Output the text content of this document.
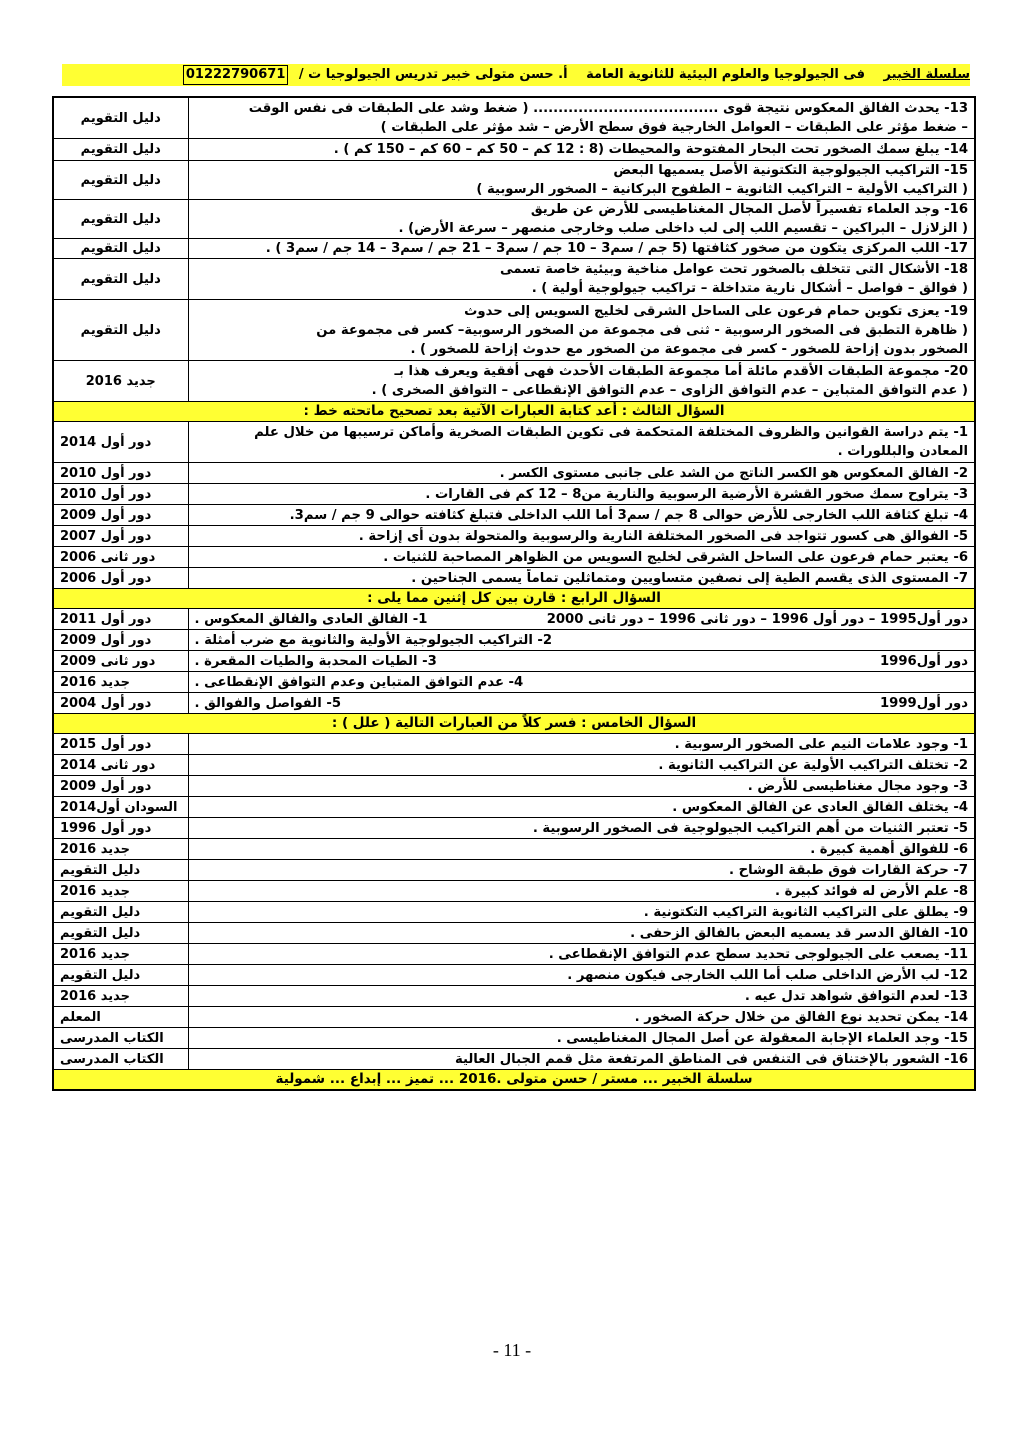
سلسلة الخبير فى الجيولوجيا والعلوم البيئية للثانوية العامة أ. حسن متولى خبير تدريس الجيولوجيا ت / 01222790671
دليل التقويم	13- يحدث الفالق المعكوس نتيجة قوى ..................................... ( ضغط وشد على الطبقات فى نفس الوقت
– ضغط مؤثر على الطبقات – العوامل الخارجية فوق سطح الأرض – شد مؤثر على الطبقات )

دليل التقويم	14- يبلغ سمك الصخور تحت البحار المفتوحة والمحيطات (8 : 12 كم – 50 كم – 60 كم – 150 كم ) .

دليل التقويم	15- التراكيب الجيولوجية التكتونية الأصل يسميها البعض
( التراكيب الأولية – التراكيب الثانوية – الطفوح البركانية – الصخور الرسوبية )

دليل التقويم	16- وجد العلماء تفسيراً لأصل المجال المغناطيسى للأرض عن طريق
( الزلازل – البراكين – تقسيم اللب إلى لب داخلى صلب وخارجى منصهر – سرعة الأرض) .

دليل التقويم	17- اللب المركزى يتكون من صخور كثافتها (5 جم / سم3 – 10 جم / سم3 – 21 جم / سم3 – 14 جم / سم3 ) .

دليل التقويم	18- الأشكال التى تتخلف بالصخور تحت عوامل مناخية وبيئية خاصة تسمى
( فوالق – فواصل – أشكال نارية متداخلة – تراكيب جيولوجية أولية ) .

دليل التقويم	19- يعزى تكوين حمام فرعون على الساحل الشرقى لخليج السويس إلى حدوث
( ظاهرة التطبق فى الصخور الرسوبية - ثنى فى مجموعة من الصخور الرسوبية– كسر فى مجموعة من
الصخور بدون إزاحة للصخور - كسر فى مجموعة من الصخور مع حدوث إزاحة للصخور ) .

جديد 2016	20- مجموعة الطبقات الأقدم مائلة أما مجموعة الطبقات الأحدث فهى أفقية ويعرف هذا بـ
( عدم التوافق المتباين – عدم التوافق الزاوى – عدم التوافق الإنقطاعى – التوافق الصخرى ) .

السؤال الثالث : أعد كتابة العبارات الآتية بعد تصحيح ماتحته خط :	
دور أول 2014	1- يتم دراسة القوانين والظروف المختلفة المتحكمة فى تكوين الطبقات الصخرية وأماكن ترسيبها من خلال علم
المعادن والبللورات .

دور أول 2010	2- الفالق المعكوس هو الكسر الناتج من الشد على جانبى مستوى الكسر .

دور أول 2010	3- يتراوح سمك صخور القشرة الأرضية الرسوبية والنارية من8 – 12 كم فى القارات .

دور أول 2009	4- تبلغ كثافة اللب الخارجى للأرض حوالى 8 جم / سم3 أما اللب الداخلى فتبلغ كثافته حوالى 9 جم / سم3.

دور أول 2007	5- الفوالق هى كسور تتواجد فى الصخور المختلفة النارية والرسوبية والمتحولة بدون أى إزاحة .

دور ثانى 2006	6- يعتبر حمام فرعون على الساحل الشرقى لخليج السويس من الظواهر المصاحبة للثنيات .

دور أول 2006	7- المستوى الذى يقسم الطية إلى نصفين متساويين ومتماثلين تماماً يسمى الجناحين .

السؤال الرابع : قارن بين كل إثنين مما يلى :	
دور أول 2011	1- الفالق العادى والفالق المعكوس . دور أول1995 – دور أول 1996 – دور ثانى 1996 – دور ثانى 2000

دور أول 2009	2- التراكيب الجيولوجية الأولية والثانوية مع ضرب أمثلة .

دور ثانى 2009	3- الطيات المحدبة والطيات المقعرة . دور أول1996

جديد 2016	4- عدم التوافق المتباين وعدم التوافق الإنقطاعى .

دور أول 2004	5- الفواصل والفوالق . دور أول1999

السؤال الخامس : فسر كلاً من العبارات التالية ( علل ) :	
دور أول 2015	1- وجود علامات النيم على الصخور الرسوبية .
دور ثانى 2014	2- تختلف التراكيب الأولية عن التراكيب الثانوية .
دور أول 2009	3- وجود مجال مغناطيسى للأرض .
السودان أول2014	4- يختلف الفالق العادى عن الفالق المعكوس .
دور أول 1996	5- تعتبر الثنيات من أهم التراكيب الجيولوجية فى الصخور الرسوبية .
جديد 2016	6- للفوالق أهمية كبيرة .
دليل التقويم	7- حركة القارات فوق طبقة الوشاح .
جديد 2016	8- علم الأرض له فوائد كبيرة .
دليل التقويم	9- يطلق على التراكيب الثانوية التراكيب التكتونية .
دليل التقويم	10- الفالق الدسر قد يسميه البعض بالفالق الزحفى .
جديد 2016	11- يصعب على الجيولوجى تحديد سطح عدم التوافق الإنقطاعى .
دليل التقويم	12- لب الأرض الداخلى صلب أما اللب الخارجى فيكون منصهر .
جديد 2016	13- لعدم التوافق شواهد تدل عيه .
المعلم	14- يمكن تحديد نوع الفالق من خلال حركة الصخور .
الكتاب المدرسى	15- وجد العلماء الإجابة المعقولة عن أصل المجال المغناطيسى .
الكتاب المدرسى	16- الشعور بالإختناق فى التنفس فى المناطق المرتفعة مثل قمم الجبال العالية
سلسلة الخبير ... مستر / حسن متولى .2016 ... تميز ... إبداع ... شمولية	
- 11 -
